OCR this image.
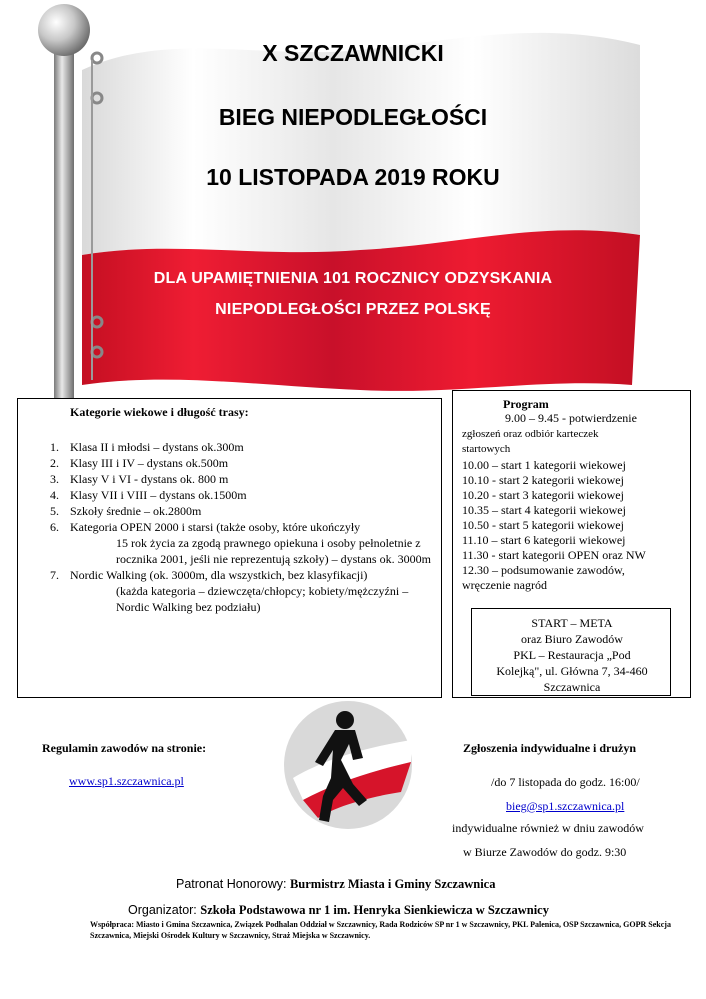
X SZCZAWNICKI
BIEG NIEPODLEGŁOŚCI
10 LISTOPADA 2019 ROKU
DLA UPAMIĘTNIENIA 101 ROCZNICY ODZYSKANIA
NIEPODLEGŁOŚCI PRZEZ POLSKĘ
Kategorie wiekowe i długość trasy:
1. Klasa II i młodsi – dystans ok.300m
2. Klasy III i IV – dystans ok.500m
3. Klasy V i VI - dystans ok. 800 m
4. Klasy VII i VIII – dystans ok.1500m
5. Szkoły średnie – ok.2800m
6. Kategoria OPEN 2000 i starsi (także osoby, które ukończyły
15 rok życia za zgodą prawnego opiekuna i osoby pełnoletnie z rocznika 2001, jeśli nie reprezentują szkoły) – dystans ok. 3000m
7. Nordic Walking (ok. 3000m, dla wszystkich, bez klasyfikacji)
(każda kategoria – dziewczęta/chłopcy; kobiety/mężczyźni – Nordic Walking bez podziału)
Program
9.00 – 9.45 - potwierdzenie
zgłoszeń oraz odbiór karteczek
startowych
10.00 – start 1 kategorii wiekowej
10.10 - start 2 kategorii wiekowej
10.20 - start 3 kategorii wiekowej
10.35 – start 4 kategorii wiekowej
10.50 - start 5 kategorii wiekowej
11.10 – start 6 kategorii wiekowej
11.30 - start kategorii OPEN oraz NW
12.30 – podsumowanie zawodów,
wręczenie nagród
START – META
oraz Biuro Zawodów
PKL – Restauracja „Pod
Kolejką", ul. Główna 7, 34-460
Szczawnica
Regulamin zawodów na stronie:
www.sp1.szczawnica.pl
Zgłoszenia indywidualne i drużyn
/do 7 listopada do godz. 16:00/
bieg@sp1.szczawnica.pl
indywidualne również w dniu zawodów
w Biurze Zawodów do godz. 9:30
Patronat Honorowy: Burmistrz Miasta i Gminy Szczawnica
Organizator: Szkoła Podstawowa nr 1 im. Henryka Sienkiewicza w Szczawnicy
Współpraca: Miasto i Gmina Szczawnica, Związek Podhalan Oddział w Szczawnicy, Rada Rodziców SP nr 1 w Szczawnicy, PKL Palenica, OSP Szczawnica, GOPR Sekcja Szczawnica, Miejski Ośrodek Kultury w Szczawnicy, Straż Miejska w Szczawnicy.
